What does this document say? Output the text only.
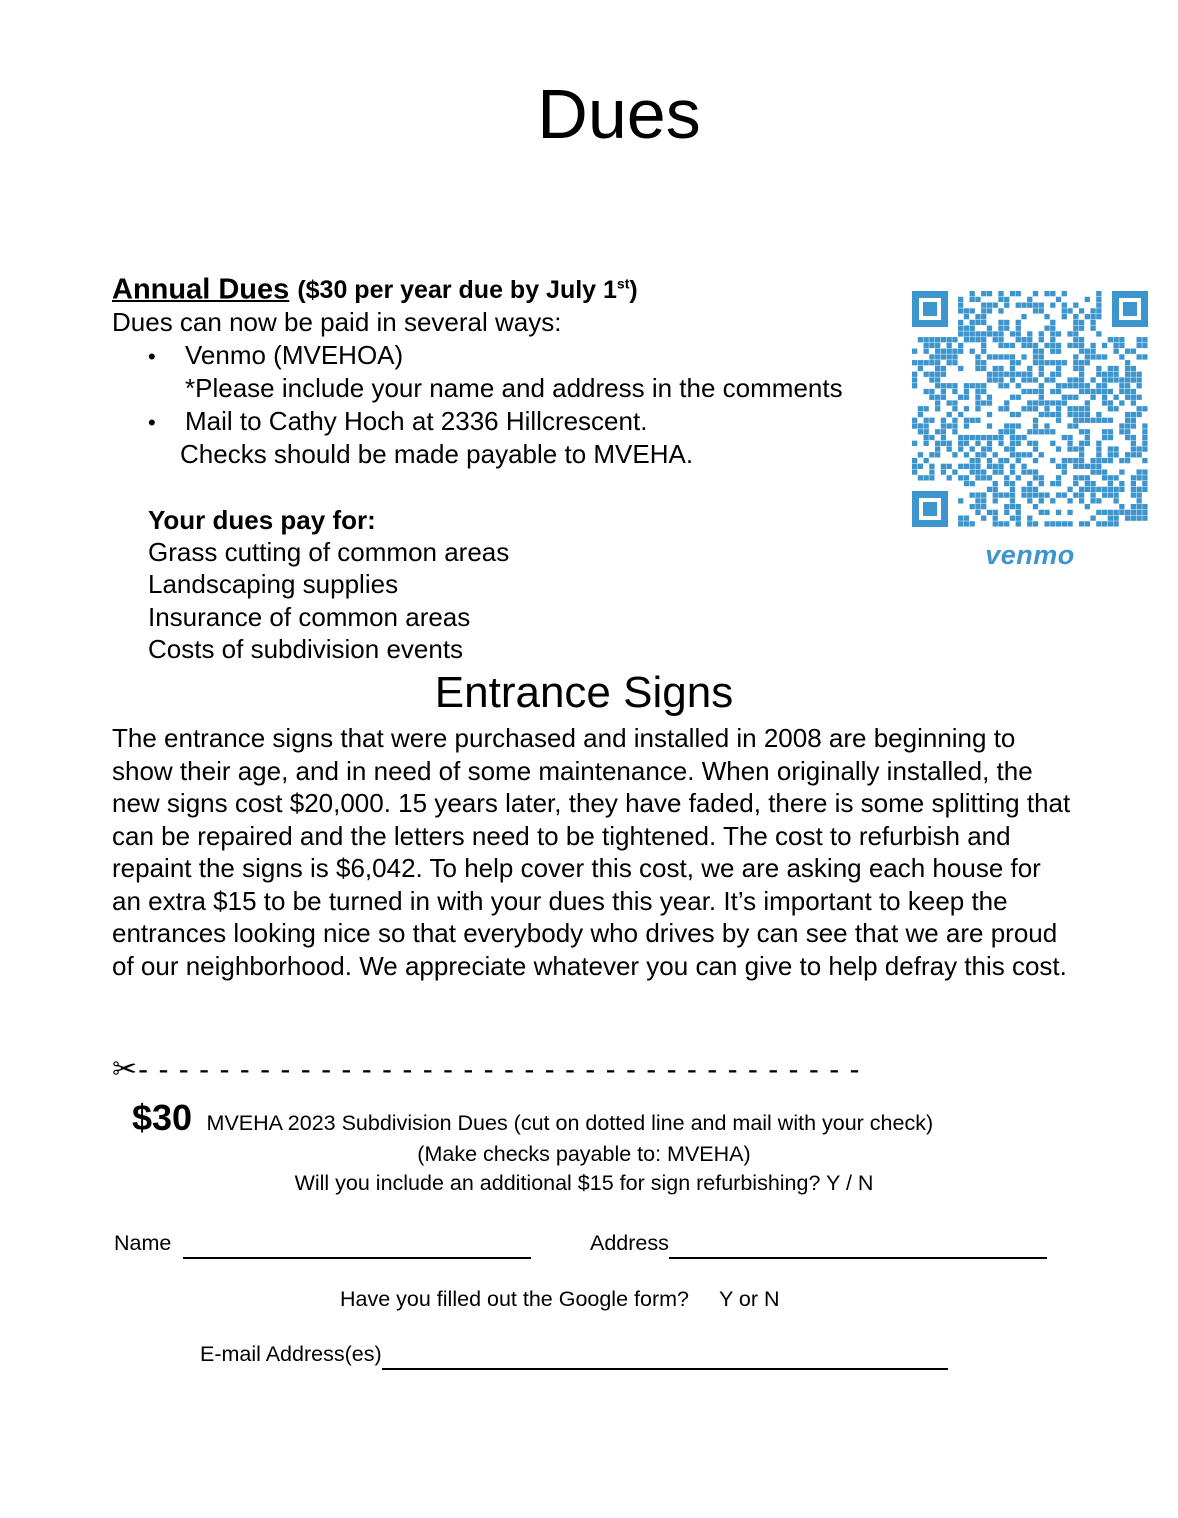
Dues
Annual Dues ($30 per year due by July 1st)
Dues can now be paid in several ways:
• Venmo (MVEHOA)
*Please include your name and address in the comments
• Mail to Cathy Hoch at 2336 Hillcrescent.
Checks should be made payable to MVEHA.
Your dues pay for:
Grass cutting of common areas
Landscaping supplies
Insurance of common areas
Costs of subdivision events
venmo
Entrance Signs
The entrance signs that were purchased and installed in 2008 are beginning to show their age, and in need of some maintenance. When originally installed, the new signs cost $20,000. 15 years later, they have faded, there is some splitting that can be repaired and the letters need to be tightened. The cost to refurbish and repaint the signs is $6,042. To help cover this cost, we are asking each house for an extra $15 to be turned in with your dues this year. It’s important to keep the entrances looking nice so that everybody who drives by can see that we are proud of our neighborhood. We appreciate whatever you can give to help defray this cost.
✂- - - - - - - - - - - - - - - - - - - - - - - - - - - - - - - - - - - -
$30 MVEHA 2023 Subdivision Dues (cut on dotted line and mail with your check)
(Make checks payable to: MVEHA)
Will you include an additional $15 for sign refurbishing? Y / N
Name	Address
Have you filled out the Google form? Y or N
E-mail Address(es)
